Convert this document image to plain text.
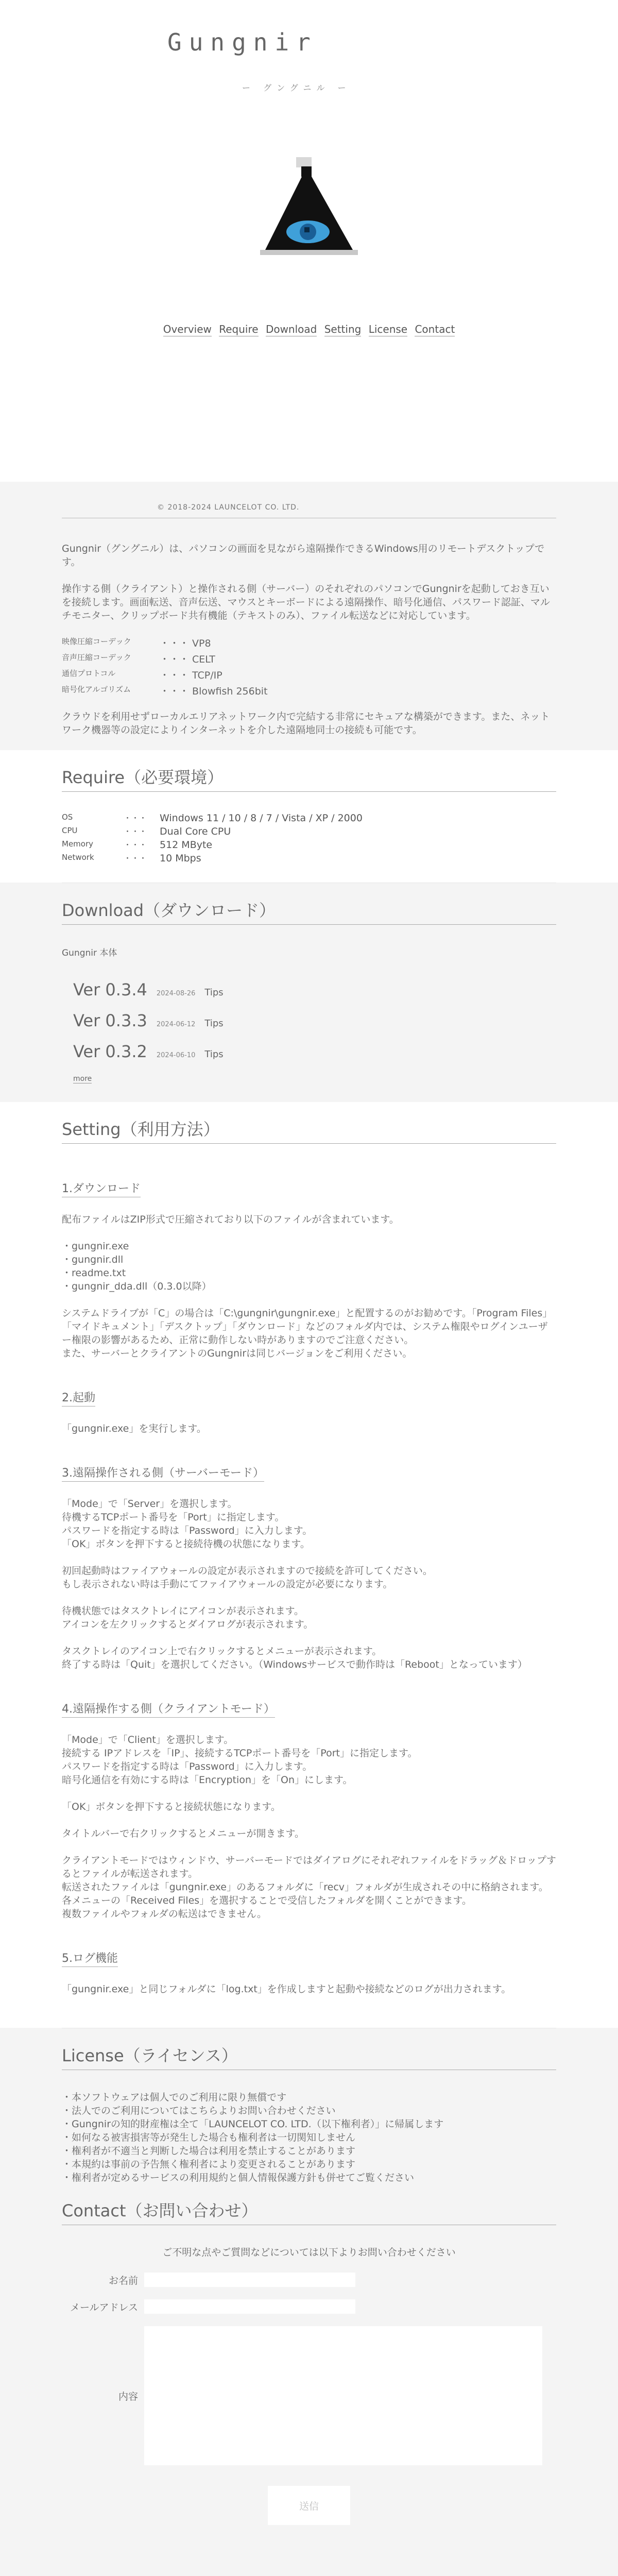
Gungnir
ー グングニル ー
Overview Require Download Setting License Contact
© 2018-2024 LAUNCELOT CO. LTD.

Gungnir（グングニル）は、パソコンの画面を見ながら遠隔操作できるWindows用のリモートデスクトップです。

操作する側（クライアント）と操作される側（サーバー）のそれぞれのパソコンでGungnirを起動しておき互いを接続します。画面転送、音声伝送、マウスとキーボードによる遠隔操作、暗号化通信、パスワード認証、マルチモニター、クリップボード共有機能（テキストのみ）、ファイル転送などに対応しています。

映像圧縮コーデック	・・・ VP8
音声圧縮コーデック	・・・ CELT
通信プロトコル	・・・ TCP/IP
暗号化アルゴリズム	・・・ Blowfish 256bit

クラウドを利用せずローカルエリアネットワーク内で完結する非常にセキュアな構築ができます。また、ネットワーク機器等の設定によりインターネットを介した遠隔地同士の接続も可能です。

Require（必要環境）
OS	・・・	Windows 11 / 10 / 8 / 7 / Vista / XP / 2000
CPU	・・・	Dual Core CPU
Memory	・・・	512 MByte
Network	・・・	10 Mbps
Download（ダウンロード）
Gungnir 本体
Ver 0.3.4 2024-08-26 Tips
Ver 0.3.3 2024-06-12 Tips
Ver 0.3.2 2024-06-10 Tips
more
Setting（利用方法）
1.ダウンロード

配布ファイルはZIP形式で圧縮されており以下のファイルが含まれています。

・gungnir.exe
・gungnir.dll
・readme.txt
・gungnir_dda.dll（0.3.0以降）

システムドライブが「C」の場合は「C:\gungnir\gungnir.exe」と配置するのがお勧めです。「Program Files」「マイドキュメント」「デスクトップ」「ダウンロード」などのフォルダ内では、システム権限やログインユーザー権限の影響があるため、正常に動作しない時がありますのでご注意ください。
また、サーバーとクライアントのGungnirは同じバージョンをご利用ください。

2.起動

「gungnir.exe」を実行します。

3.遠隔操作される側（サーバーモード）

「Mode」で「Server」を選択します。
待機するTCPポート番号を「Port」に指定します。
パスワードを指定する時は「Password」に入力します。
「OK」ボタンを押下すると接続待機の状態になります。

初回起動時はファイアウォールの設定が表示されますので接続を許可してください。
もし表示されない時は手動にてファイアウォールの設定が必要になります。

待機状態ではタスクトレイにアイコンが表示されます。
アイコンを左クリックするとダイアログが表示されます。

タスクトレイのアイコン上で右クリックするとメニューが表示されます。
終了する時は「Quit」を選択してください。（Windowsサービスで動作時は「Reboot」となっています）

4.遠隔操作する側（クライアントモード）

「Mode」で「Client」を選択します。
接続する IPアドレスを「IP」、接続するTCPポート番号を「Port」に指定します。
パスワードを指定する時は「Password」に入力します。
暗号化通信を有効にする時は「Encryption」を「On」にします。

「OK」ボタンを押下すると接続状態になります。

タイトルバーで右クリックするとメニューが開きます。

クライアントモードではウィンドウ、サーバーモードではダイアログにそれぞれファイルをドラッグ＆ドロップするとファイルが転送されます。
転送されたファイルは「gungnir.exe」のあるフォルダに「recv」フォルダが生成されその中に格納されます。
各メニューの「Received Files」を選択することで受信したフォルダを開くことができます。
複数ファイルやフォルダの転送はできません。

5.ログ機能

「gungnir.exe」と同じフォルダに「log.txt」を作成しますと起動や接続などのログが出力されます。

License（ライセンス）
・本ソフトウェアは個人でのご利用に限り無償です
・法人でのご利用についてはこちらよりお問い合わせください
・Gungnirの知的財産権は全て「LAUNCELOT CO. LTD.（以下権利者）」に帰属します
・如何なる被害損害等が発生した場合も権利者は一切関知しません
・権利者が不適当と判断した場合は利用を禁止することがあります
・本規約は事前の予告無く権利者により変更されることがあります
・権利者が定めるサービスの利用規約と個人情報保護方針も併せてご覧ください
Contact（お問い合わせ）

ご不明な点やご質問などについては以下よりお問い合わせください

お名前
メールアドレス
内容
送信
